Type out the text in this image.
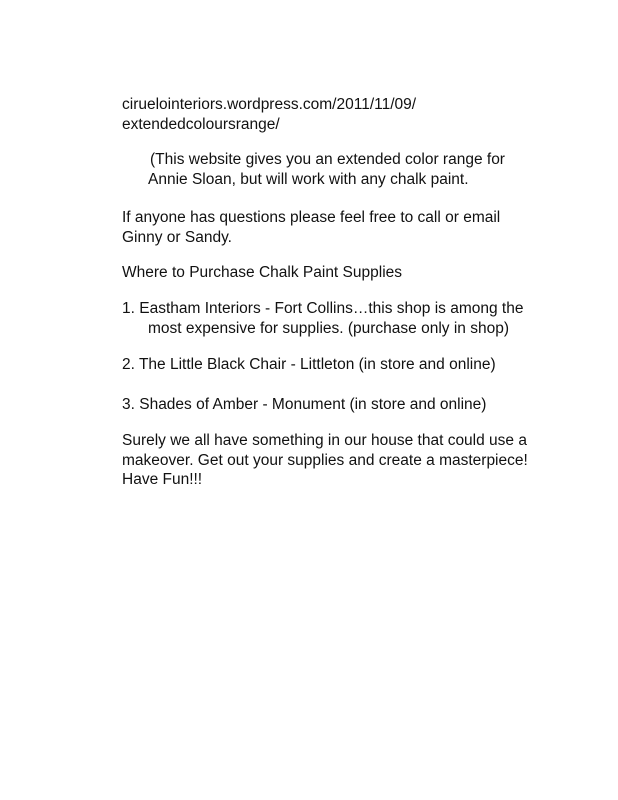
ciruelointeriors.wordpress.com/2011/11/09/

extendedcoloursrange/

(This website gives you an extended color range for

Annie Sloan, but will work with any chalk paint.

If anyone has questions please feel free to call or email

Ginny or Sandy.

Where to Purchase Chalk Paint Supplies

1. Eastham Interiors - Fort Collins…this shop is among the

most expensive for supplies. (purchase only in shop)

2. The Little Black Chair - Littleton (in store and online)

3. Shades of Amber - Monument (in store and online)

Surely we all have something in our house that could use a

makeover. Get out your supplies and create a masterpiece!

Have Fun!!!
